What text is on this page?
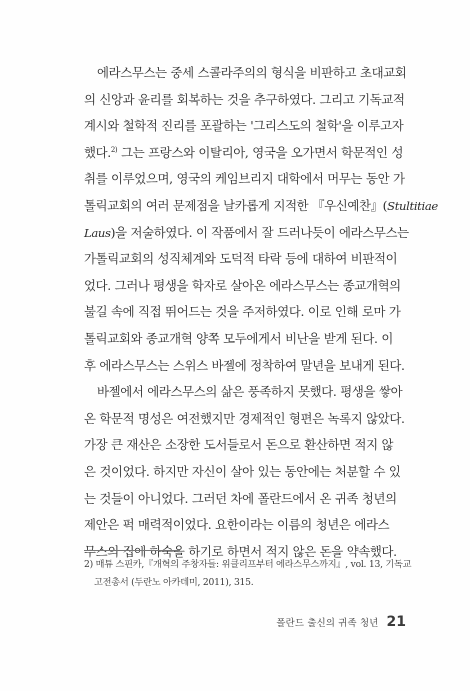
에라스무스는 중세 스콜라주의의 형식을 비판하고 초대교회
의 신앙과 윤리를 회복하는 것을 추구하였다. 그리고 기독교적
계시와 철학적 진리를 포괄하는 '그리스도의 철학'을 이루고자
했다.$^{2)}$ 그는 프랑스와 이탈리아, 영국을 오가면서 학문적인 성
취를 이루었으며, 영국의 케임브리지 대학에서 머무는 동안 가
톨릭교회의 여러 문제점을 날카롭게 지적한 『우신예찬』(Stultitiae
Laus)을 저술하였다. 이 작품에서 잘 드러나듯이 에라스무스는
가톨릭교회의 성직체계와 도덕적 타락 등에 대하여 비판적이
었다. 그러나 평생을 학자로 살아온 에라스무스는 종교개혁의
불길 속에 직접 뛰어드는 것을 주저하였다. 이로 인해 로마 가
톨릭교회와 종교개혁 양쪽 모두에게서 비난을 받게 된다. 이
후 에라스무스는 스위스 바젤에 정착하여 말년을 보내게 된다.

바젤에서 에라스무스의 삶은 풍족하지 못했다. 평생을 쌓아
온 학문적 명성은 여전했지만 경제적인 형편은 녹록지 않았다.
가장 큰 재산은 소장한 도서들로서 돈으로 환산하면 적지 않
은 것이었다. 하지만 자신이 살아 있는 동안에는 처분할 수 있
는 것들이 아니었다. 그러던 차에 폴란드에서 온 귀족 청년의
제안은 퍽 매력적이었다. 요한이라는 이름의 청년은 에라스
무스의 집에 하숙을 하기로 하면서 적지 않은 돈을 약속했다.

2) 매튜 스핀카,『개혁의 주창자들: 위클리프부터 에라스무스까지』, vol. 13, 기독교
고전총서 (두란노 아카데미, 2011), 315.
폴란드 출신의 귀족 청년 21
